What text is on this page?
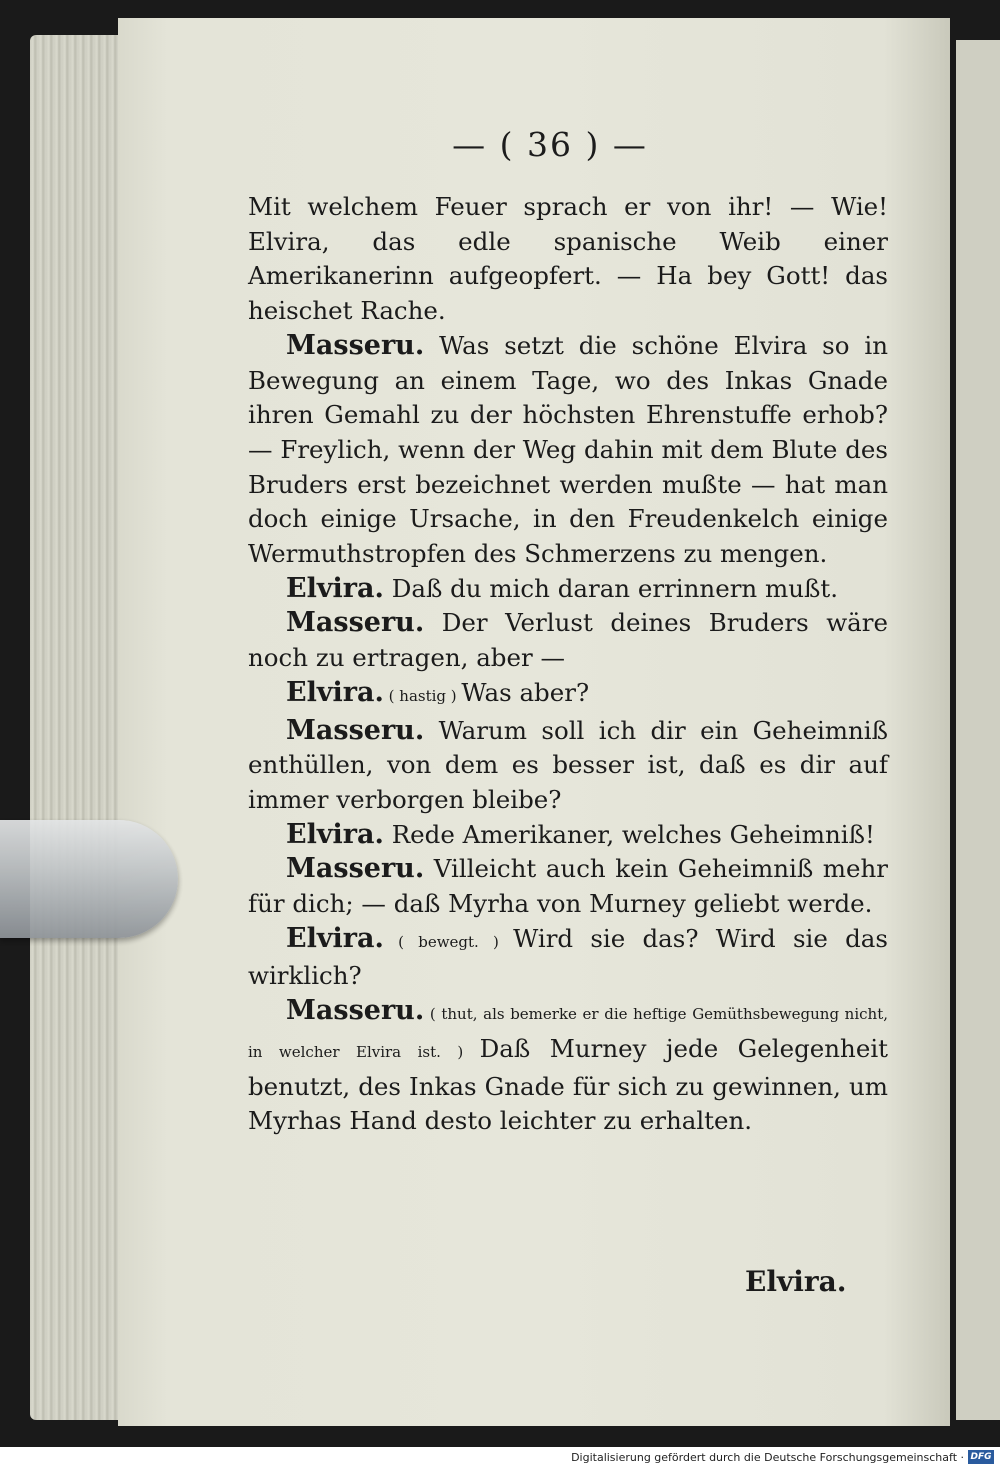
— ( 36 ) —

Mit welchem Feuer sprach er von ihr! — Wie! Elvira, das edle spanische Weib einer Amerikanerinn aufgeopfert. — Ha bey Gott! das heischet Rache.

Masseru. Was setzt die schöne Elvira so in Bewegung an einem Tage, wo des Inkas Gnade ihren Gemahl zu der höchsten Ehrenstuffe erhob? — Freylich, wenn der Weg dahin mit dem Blute des Bruders erst bezeichnet werden mußte — hat man doch einige Ursache, in den Freudenkelch einige Wermuthstropfen des Schmerzens zu mengen.

Elvira. Daß du mich daran errinnern mußt.

Masseru. Der Verlust deines Bruders wäre noch zu ertragen, aber —

Elvira. ( hastig ) Was aber?

Masseru. Warum soll ich dir ein Geheimniß enthüllen, von dem es besser ist, daß es dir auf immer verborgen bleibe?

Elvira. Rede Amerikaner, welches Geheimniß!

Masseru. Villeicht auch kein Geheimniß mehr für dich; — daß Myrha von Murney geliebt werde.

Elvira. ( bewegt. ) Wird sie das? Wird sie das wirklich?

Masseru. ( thut, als bemerke er die heftige Gemüthsbewegung nicht, in welcher Elvira ist. ) Daß Murney jede Gelegenheit benutzt, des Inkas Gnade für sich zu gewinnen, um Myrhas Hand desto leichter zu erhalten.

Elvira.
Digitalisierung gefördert durch die Deutsche Forschungsgemeinschaft · DFG
